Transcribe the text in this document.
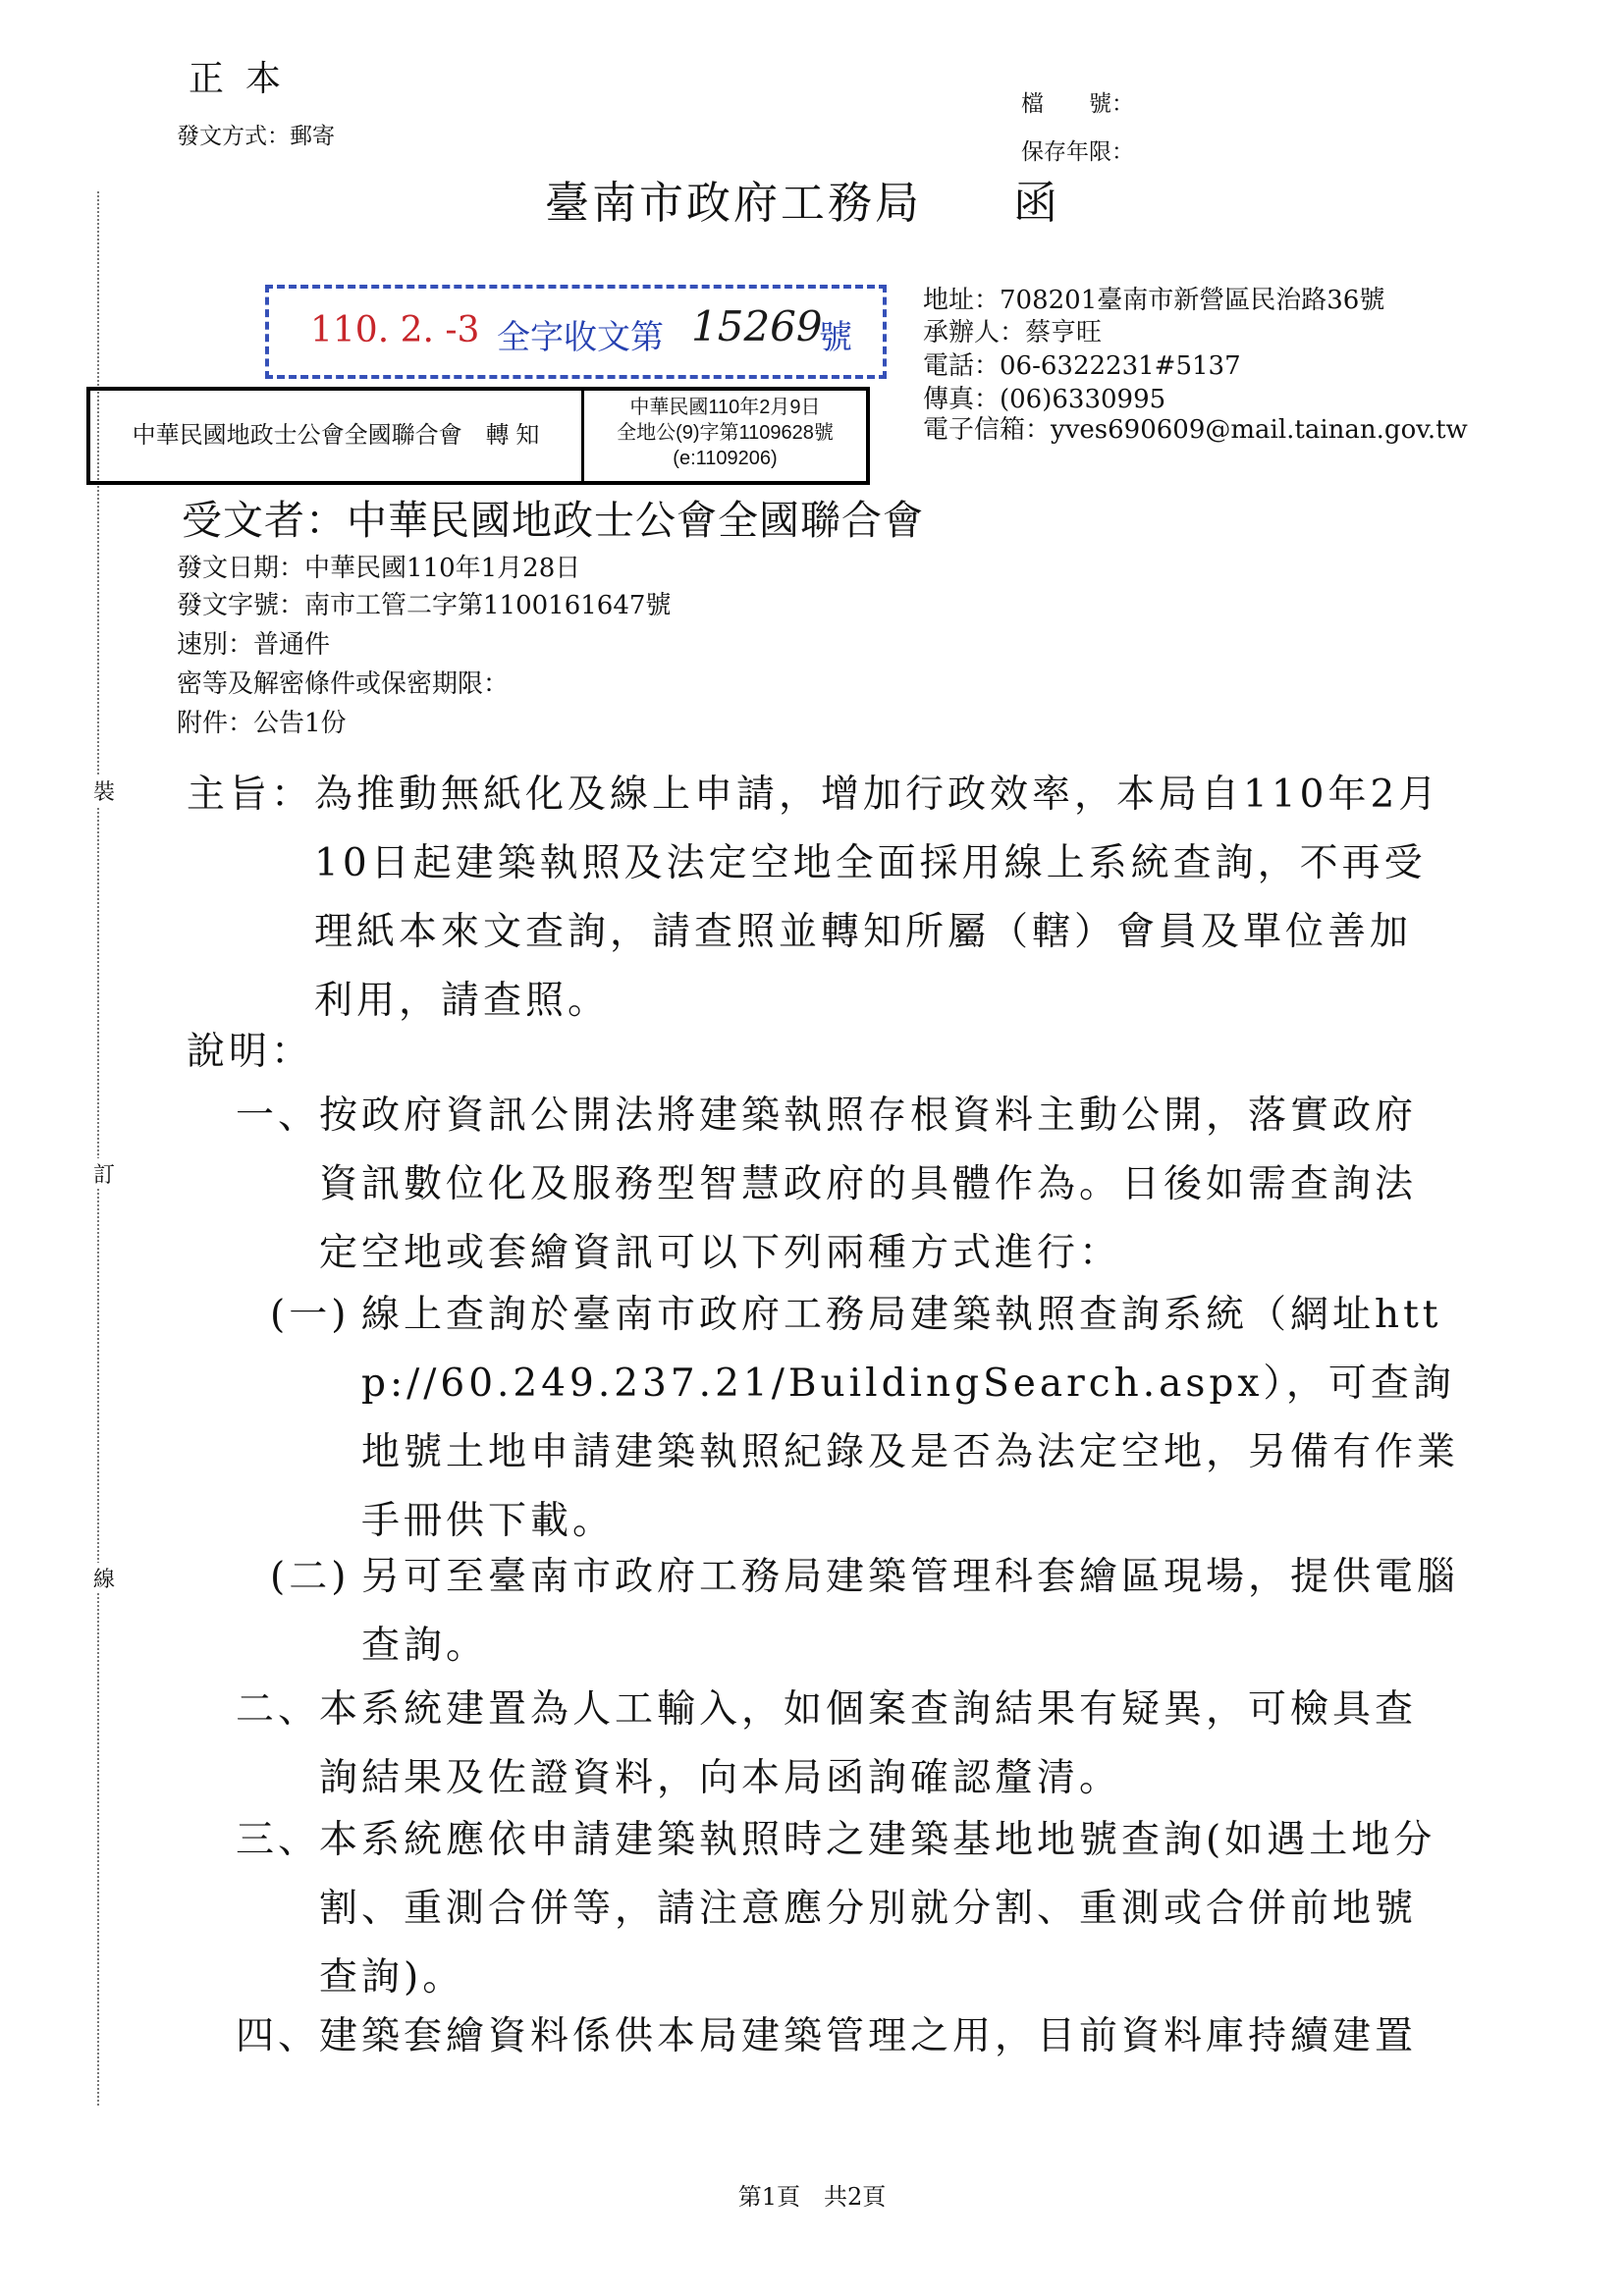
裝
訂
線
正本
發文方式：郵寄
檔　　號：
保存年限：
臺南市政府工務局 函
110. 2. -3 全字收文第 15269
號
中華民國地政士公會全國聯合會　轉 知
中華民國110年2月9日
全地公(9)字第1109628號
(e:1109206)
地址：708201臺南市新營區民治路36號
承辦人：蔡亨旺
電話：06-6322231#5137
傳真：(06)6330995
電子信箱：yves690609@mail.tainan.gov.tw
受文者：中華民國地政士公會全國聯合會
發文日期：中華民國110年1月28日
發文字號：南市工管二字第1100161647號
速別：普通件
密等及解密條件或保密期限：
附件：公告1份
主旨： 為推動無紙化及線上申請，增加行政效率，本局自110年2月10日起建築執照及法定空地全面採用線上系統查詢，不再受理紙本來文查詢，請查照並轉知所屬（轄）會員及單位善加利用，請查照。
說明：
一、
按政府資訊公開法將建築執照存根資料主動公開，落實政府資訊數位化及服務型智慧政府的具體作為。日後如需查詢法定空地或套繪資訊可以下列兩種方式進行：
(一) 線上查詢於臺南市政府工務局建築執照查詢系統（網址http://60.249.237.21/BuildingSearch.aspx），可查詢地號土地申請建築執照紀錄及是否為法定空地，另備有作業手冊供下載。
(二) 另可至臺南市政府工務局建築管理科套繪區現場，提供電腦查詢。
二、
本系統建置為人工輸入，如個案查詢結果有疑異，可檢具查詢結果及佐證資料，向本局函詢確認釐清。
三、
本系統應依申請建築執照時之建築基地地號查詢(如遇土地分割、重測合併等，請注意應分別就分割、重測或合併前地號查詢)。
四、
建築套繪資料係供本局建築管理之用，目前資料庫持續建置
第1頁　共2頁
